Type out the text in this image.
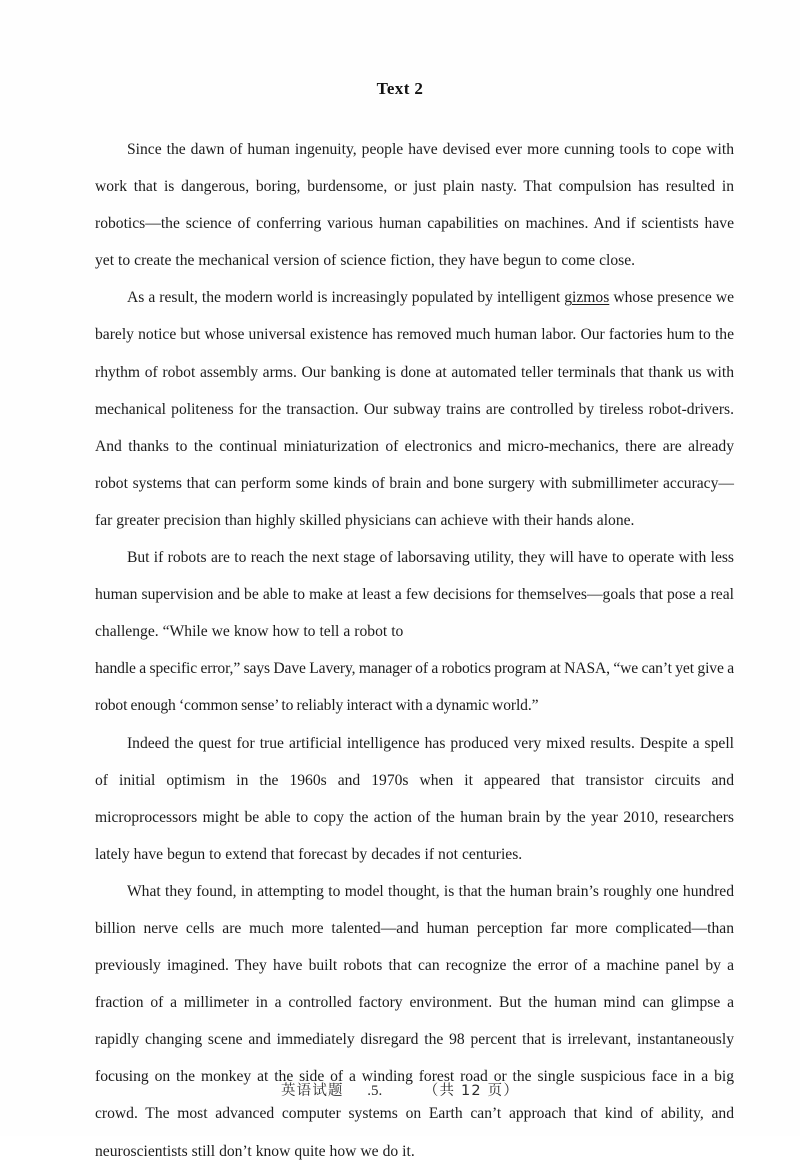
Text 2

Since the dawn of human ingenuity, people have devised ever more cunning tools to cope with work that is dangerous, boring, burdensome, or just plain nasty. That compulsion has resulted in robotics—the science of conferring various human capabilities on machines. And if scientists have yet to create the mechanical version of science fiction, they have begun to come close.

As a result, the modern world is increasingly populated by intelligent gizmos whose presence we barely notice but whose universal existence has removed much human labor. Our factories hum to the rhythm of robot assembly arms. Our banking is done at automated teller terminals that thank us with mechanical politeness for the transaction. Our subway trains are controlled by tireless robot-drivers. And thanks to the continual miniaturization of electronics and micro-mechanics, there are already robot systems that can perform some kinds of brain and bone surgery with submillimeter accuracy—far greater precision than highly skilled physicians can achieve with their hands alone.

But if robots are to reach the next stage of laborsaving utility, they will have to operate with less human supervision and be able to make at least a few decisions for themselves—goals that pose a real challenge. “While we know how to tell a robot to

handle a specific error,” says Dave Lavery, manager of a robotics program at NASA, “we can’t yet give a robot enough ‘common sense’ to reliably interact with a dynamic world.”

Indeed the quest for true artificial intelligence has produced very mixed results. Despite a spell of initial optimism in the 1960s and 1970s when it appeared that transistor circuits and microprocessors might be able to copy the action of the human brain by the year 2010, researchers lately have begun to extend that forecast by decades if not centuries.

What they found, in attempting to model thought, is that the human brain’s roughly one hundred billion nerve cells are much more talented—and human perception far more complicated—than previously imagined. They have built robots that can recognize the error of a machine panel by a fraction of a millimeter in a controlled factory environment. But the human mind can glimpse a rapidly changing scene and immediately disregard the 98 percent that is irrelevant, instantaneously focusing on the monkey at the side of a winding forest road or the single suspicious face in a big crowd. The most advanced computer systems on Earth can’t approach that kind of ability, and neuroscientists still don’t know quite how we do it.

英语试题 .5.	（共 12 页）
